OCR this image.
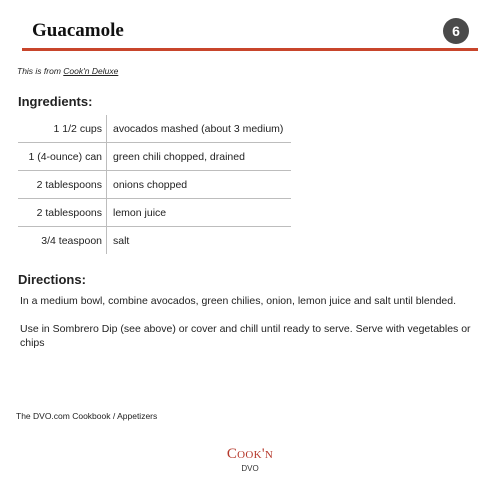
Guacamole	6
This is from Cook'n Deluxe
Ingredients:
1 1/2 cups	avocados mashed (about 3 medium)
1 (4-ounce) can	green chili chopped, drained
2 tablespoons	onions chopped
2 tablespoons	lemon juice
3/4 teaspoon	salt
Directions:

In a medium bowl, combine avocados, green chilies, onion, lemon juice and salt until blended.

Use in Sombrero Dip (see above) or cover and chill until ready to serve. Serve with vegetables or chips

The DVO.com Cookbook / Appetizers
Cook'n
DVO
